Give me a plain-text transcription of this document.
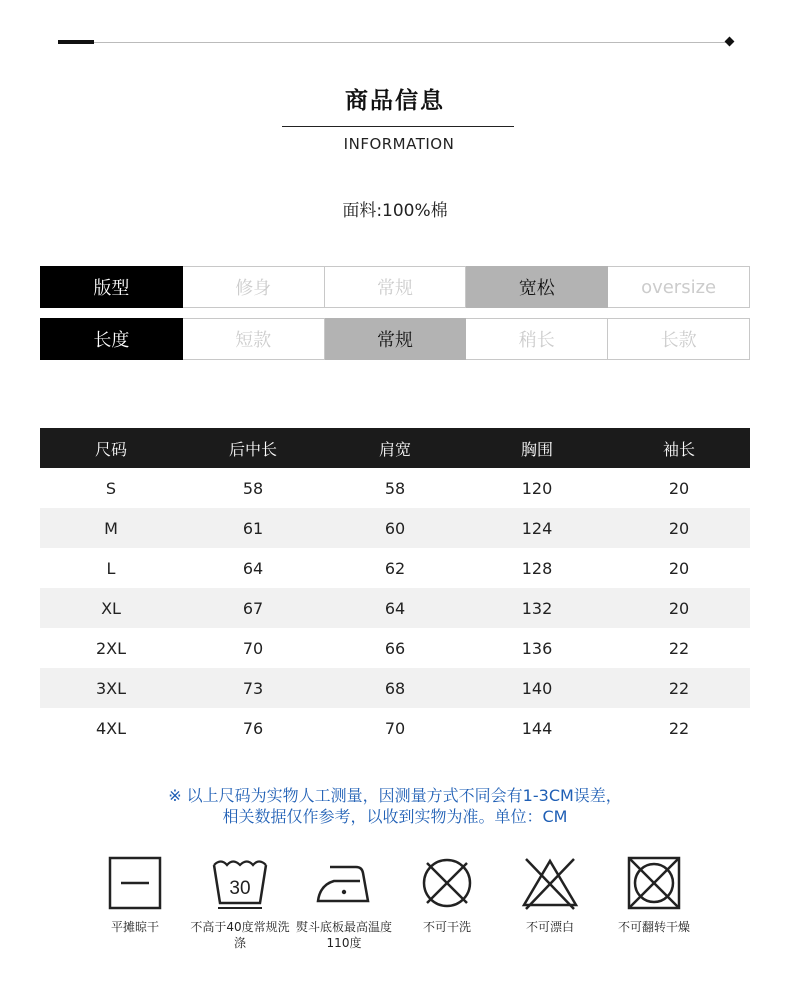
商品信息
INFORMATION
面料:100%棉
版型	修身	常规	宽松	oversize
长度	短款	常规	稍长	长款
尺码	后中长	肩宽	胸围	袖长
S	58	58	120	20
M	61	60	124	20
L	64	62	128	20
XL	67	64	132	20
2XL	70	66	136	22
3XL	73	68	140	22
4XL	76	70	144	22
※ 以上尺码为实物人工测量，因测量方式不同会有1-3CM误差，
相关数据仅作参考，以收到实物为准。单位：CM
平摊晾干
30
不高于40度常规洗涤
熨斗底板最高温度110度
不可干洗	不可漂白	不可翻转干燥
